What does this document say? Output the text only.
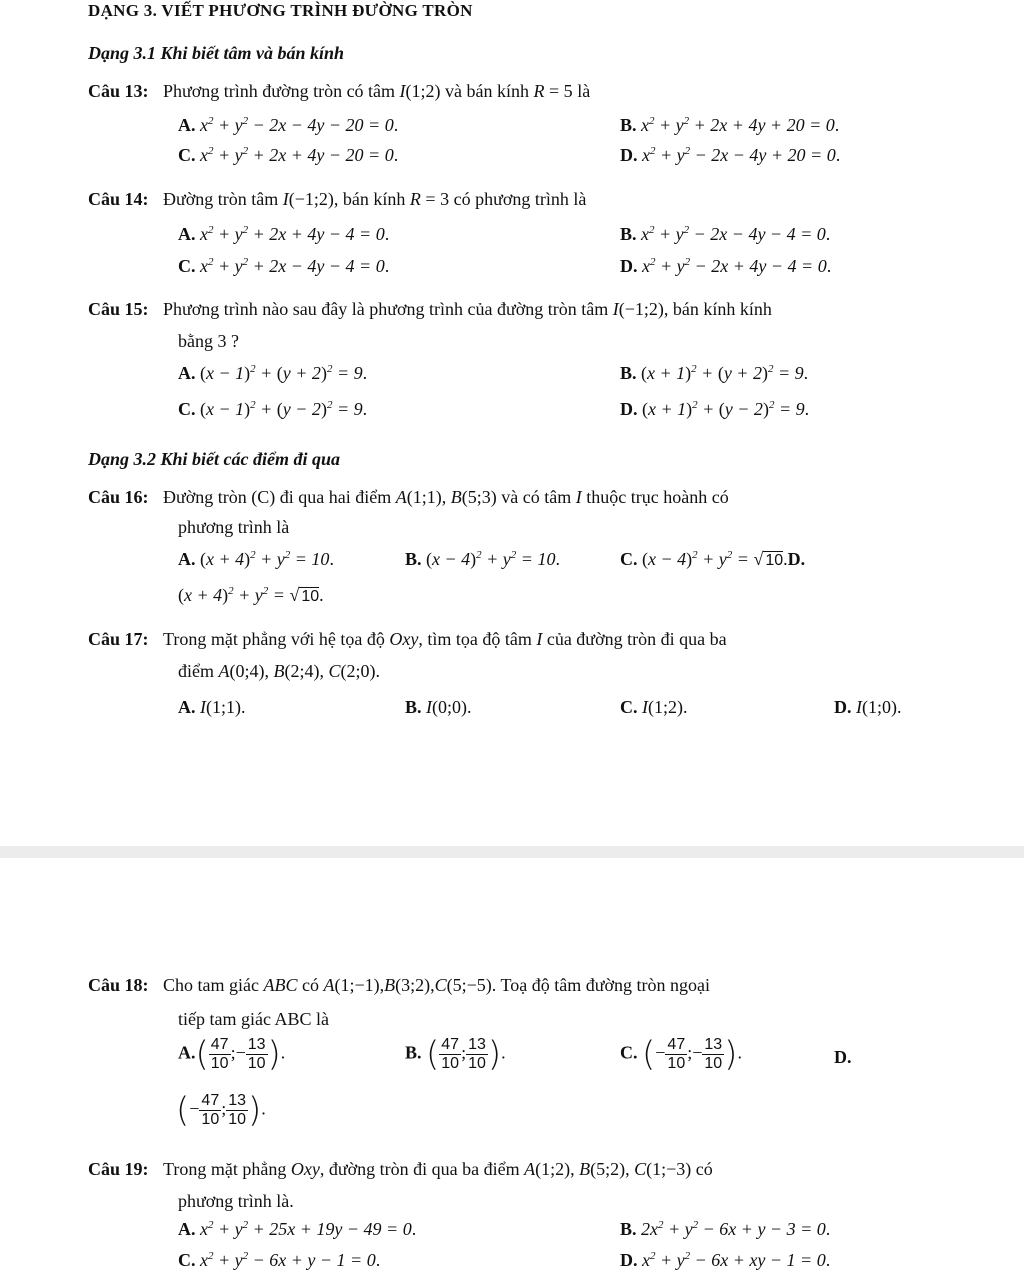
DẠNG 3. VIẾT PHƯƠNG TRÌNH ĐƯỜNG TRÒN
Dạng 3.1 Khi biết tâm và bán kính
Câu 13: Phương trình đường tròn có tâm I(1;2) và bán kính R = 5 là
A. $x^2 + y^2 - 2x - 4y - 20 = 0$.	B. $x^2 + y^2 + 2x + 4y + 20 = 0$.
C. $x^2 + y^2 + 2x + 4y - 20 = 0$.	D. $x^2 + y^2 - 2x - 4y + 20 = 0$.
Câu 14: Đường tròn tâm I(−1;2), bán kính R = 3 có phương trình là
A. $x^2 + y^2 + 2x + 4y - 4 = 0$.	B. $x^2 + y^2 - 2x - 4y - 4 = 0$.
C. $x^2 + y^2 + 2x - 4y - 4 = 0$.	D. $x^2 + y^2 - 2x + 4y - 4 = 0$.
Câu 15: Phương trình nào sau đây là phương trình của đường tròn tâm I(−1;2), bán kính kính
bằng 3 ?
A. $(x - 1)^2 + (y + 2)^2 = 9$.	B. $(x + 1)^2 + (y + 2)^2 = 9$.
C. $(x - 1)^2 + (y - 2)^2 = 9$.	D. $(x + 1)^2 + (y - 2)^2 = 9$.
Dạng 3.2 Khi biết các điểm đi qua
Câu 16: Đường tròn (C) đi qua hai điểm A(1;1), B(5;3) và có tâm I thuộc trục hoành có
phương trình là
A. $(x + 4)^2 + y^2 = 10$.	B. $(x - 4)^2 + y^2 = 10$.	C. $(x - 4)^2 + y^2$ = √ 10.D.
$(x + 4)^2 + y^2$ = √ 10.
Câu 17: Trong mặt phẳng với hệ tọa độ Oxy, tìm tọa độ tâm I của đường tròn đi qua ba
điểm A(0;4), B(2;4), C(2;0).
A. I(1;1).	B. I(0;0).	C. I(1;2).	D. I(1;0).
Câu 18: Cho tam giác ABC có A(1;−1),B(3;2),C(5;−5). Toạ độ tâm đường tròn ngoại
tiếp tam giác ABC là
$A.( \frac{47}{10}$ ;− $\frac{13}{10}$ ).	B. ( $\frac{47}{10}$ ; $\frac{13}{10}$ ).	C. (− $\frac{47}{10}$ ;− $\frac{13}{10}$ ).	D.
(− $\frac{47}{10}$ ; $\frac{13}{10}$ ).
Câu 19: Trong mặt phẳng Oxy, đường tròn đi qua ba điểm A(1;2), B(5;2), C(1;−3) có
phương trình là.
A. $x^2 + y^2 + 25x + 19y - 49 = 0$.	B. $2x^2 + y^2 - 6x + y - 3 = 0$.
C. $x^2 + y^2 - 6x + y - 1 = 0$.	D. $x^2 + y^2 - 6x$ + xy − 1 = 0.
